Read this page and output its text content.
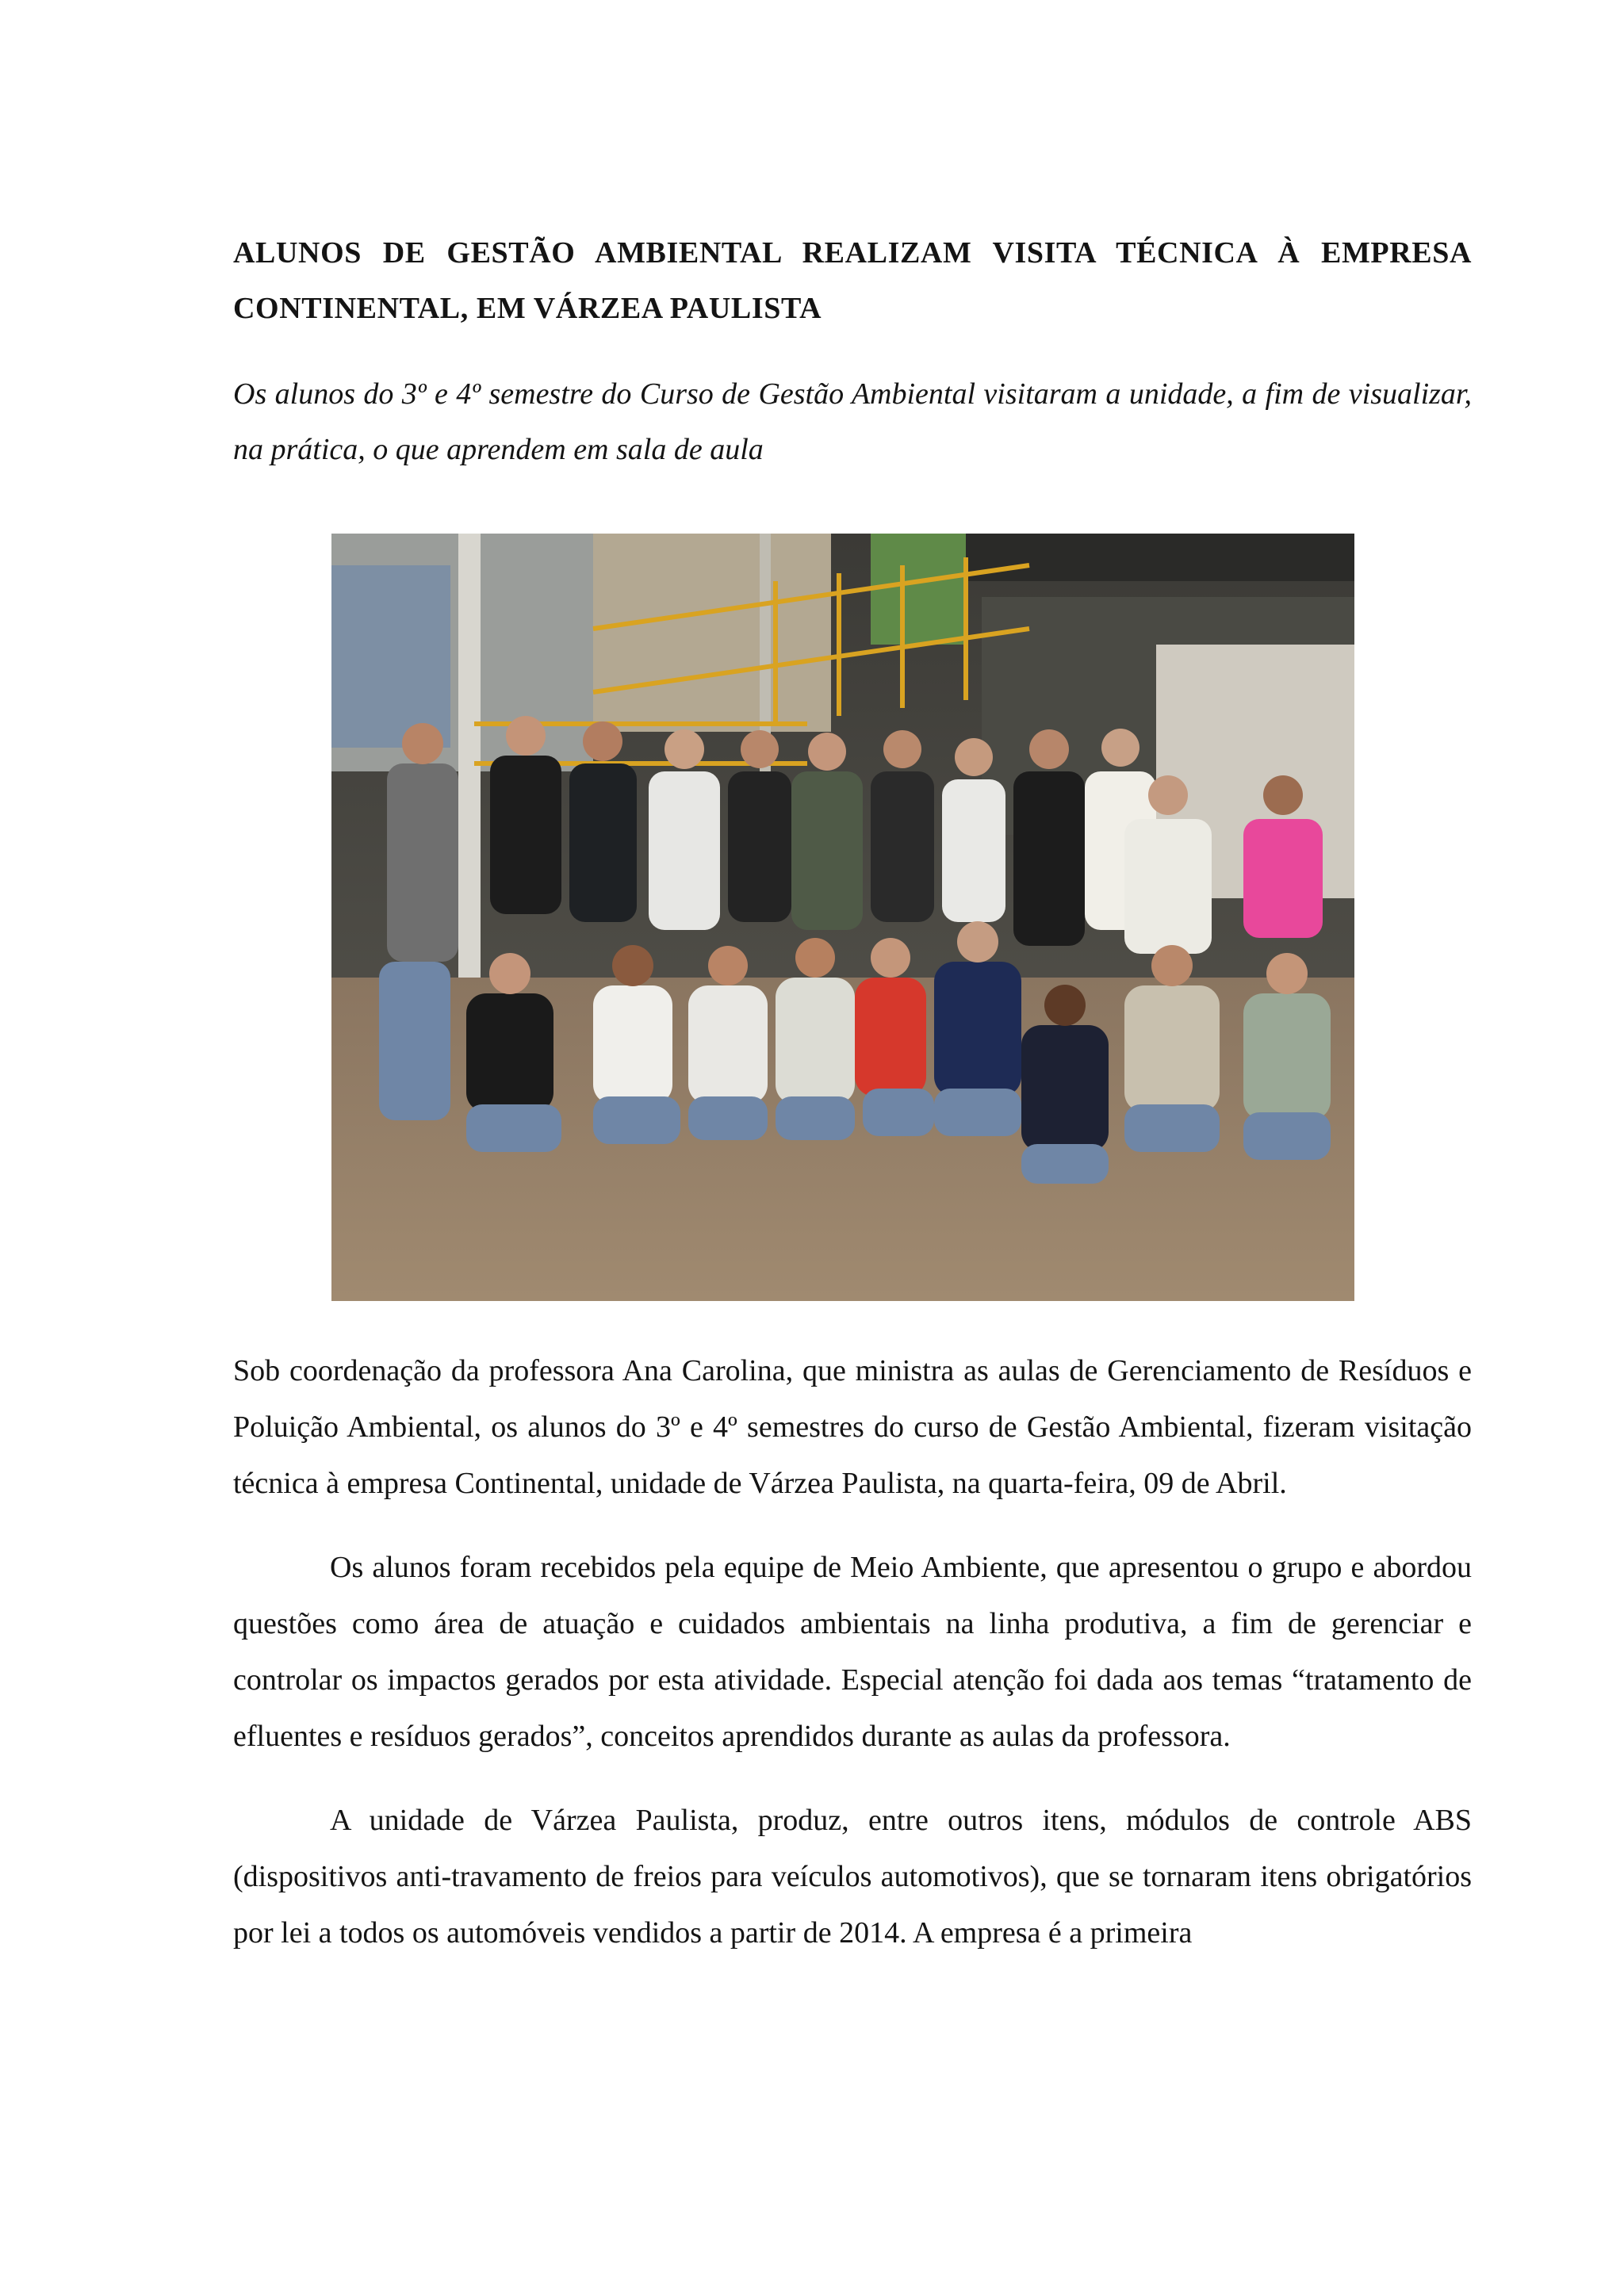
ALUNOS DE GESTÃO AMBIENTAL REALIZAM VISITA TÉCNICA À EMPRESA CONTINENTAL, EM VÁRZEA PAULISTA

Os alunos do 3º e 4º semestre do Curso de Gestão Ambiental visitaram a unidade, a fim de visualizar, na prática, o que aprendem em sala de aula

Sob coordenação da professora Ana Carolina, que ministra as aulas de Gerenciamento de Resíduos e Poluição Ambiental, os alunos do 3º e 4º semestres do curso de Gestão Ambiental, fizeram visitação técnica à empresa Continental, unidade de Várzea Paulista, na quarta-feira, 09 de Abril.

Os alunos foram recebidos pela equipe de Meio Ambiente, que apresentou o grupo e abordou questões como área de atuação e cuidados ambientais na linha produtiva, a fim de gerenciar e controlar os impactos gerados por esta atividade. Especial atenção foi dada aos temas “tratamento de efluentes e resíduos gerados”, conceitos aprendidos durante as aulas da professora.

A unidade de Várzea Paulista, produz, entre outros itens, módulos de controle ABS (dispositivos anti-travamento de freios para veículos automotivos), que se tornaram itens obrigatórios por lei a todos os automóveis vendidos a partir de 2014. A empresa é a primeira
